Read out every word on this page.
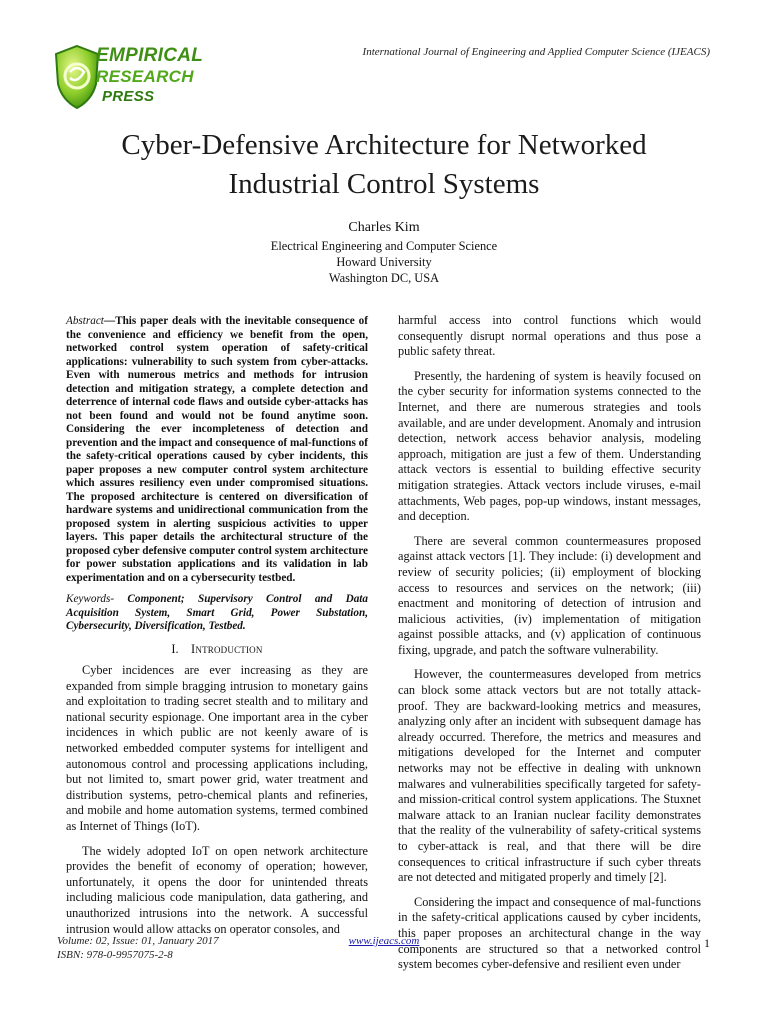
EMPIRICAL
RESEARCH
PRESS
International Journal of Engineering and Applied Computer Science (IJEACS)
Cyber-Defensive Architecture for Networked
Industrial Control Systems
Charles Kim
Electrical Engineering and Computer Science
Howard University
Washington DC, USA
Abstract—This paper deals with the inevitable consequence of the convenience and efficiency we benefit from the open, networked control system operation of safety-critical applications: vulnerability to such system from cyber-attacks. Even with numerous metrics and methods for intrusion detection and mitigation strategy, a complete detection and deterrence of internal code flaws and outside cyber-attacks has not been found and would not be found anytime soon. Considering the ever incompleteness of detection and prevention and the impact and consequence of mal-functions of the safety-critical operations caused by cyber incidents, this paper proposes a new computer control system architecture which assures resiliency even under compromised situations. The proposed architecture is centered on diversification of hardware systems and unidirectional communication from the proposed system in alerting suspicious activities to upper layers. This paper details the architectural structure of the proposed cyber defensive computer control system architecture for power substation applications and its validation in lab experimentation and on a cybersecurity testbed.
Keywords- Component; Supervisory Control and Data Acquisition System, Smart Grid, Power Substation, Cybersecurity, Diversification, Testbed.
I. Introduction

Cyber incidences are ever increasing as they are expanded from simple bragging intrusion to monetary gains and exploitation to trading secret stealth and to military and national security espionage. One important area in the cyber incidences in which public are not keenly aware of is networked embedded computer systems for intelligent and autonomous control and processing applications including, but not limited to, smart power grid, water treatment and distribution systems, petro-chemical plants and refineries, and mobile and home automation systems, termed combined as Internet of Things (IoT).

The widely adopted IoT on open network architecture provides the benefit of economy of operation; however, unfortunately, it opens the door for unintended threats including malicious code manipulation, data gathering, and unauthorized intrusions into the network. A successful intrusion would allow attacks on operator consoles, and

harmful access into control functions which would consequently disrupt normal operations and thus pose a public safety threat.

Presently, the hardening of system is heavily focused on the cyber security for information systems connected to the Internet, and there are numerous strategies and tools available, and are under development. Anomaly and intrusion detection, network access behavior analysis, modeling approach, mitigation are just a few of them. Understanding attack vectors is essential to building effective security mitigation strategies. Attack vectors include viruses, e-mail attachments, Web pages, pop-up windows, instant messages, and deception.

There are several common countermeasures proposed against attack vectors [1]. They include: (i) development and review of security policies; (ii) employment of blocking access to resources and services on the network; (iii) enactment and monitoring of detection of intrusion and malicious activities, (iv) implementation of mitigation against possible attacks, and (v) application of continuous fixing, upgrade, and patch the software vulnerability.

However, the countermeasures developed from metrics can block some attack vectors but are not totally attack-proof. They are backward-looking metrics and measures, analyzing only after an incident with subsequent damage has already occurred. Therefore, the metrics and measures and mitigations developed for the Internet and computer networks may not be effective in dealing with unknown malwares and vulnerabilities specifically targeted for safety- and mission-critical control system applications. The Stuxnet malware attack to an Iranian nuclear facility demonstrates that the reality of the vulnerability of safety-critical systems to cyber-attack is real, and that there will be dire consequences to critical infrastructure if such cyber threats are not detected and mitigated properly and timely [2].

Considering the impact and consequence of mal-functions in the safety-critical applications caused by cyber incidents, this paper proposes an architectural change in the way components are structured so that a networked control system becomes cyber-defensive and resilient even under

Volume: 02, Issue: 01, January 2017
ISBN: 978-0-9957075-2-8
www.ijeacs.com	1
